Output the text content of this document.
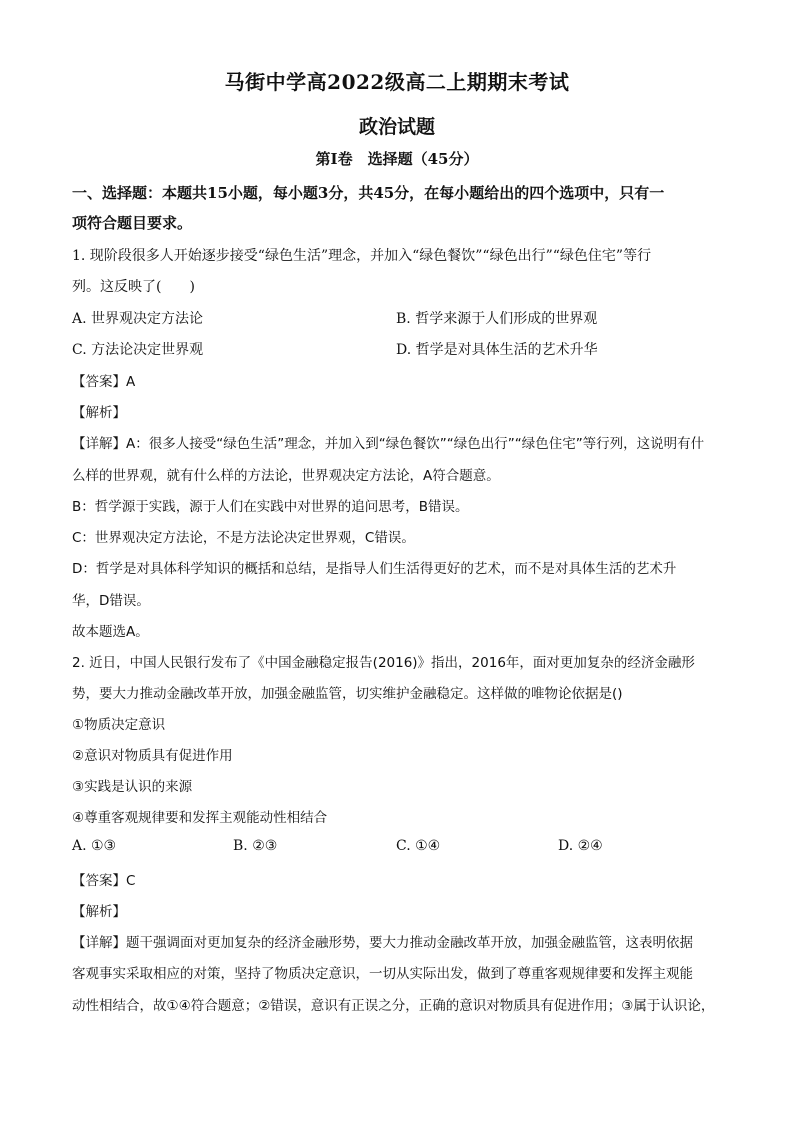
马街中学高2022级高二上期期末考试
政治试题
第Ⅰ卷　选择题（45分）
一、选择题：本题共15小题，每小题3分，共45分，在每小题给出的四个选项中，只有一
项符合题目要求。
1. 现阶段很多人开始逐步接受“绿色生活”理念，并加入“绿色餐饮”“绿色出行”“绿色住宅”等行
列。这反映了(　　)
A. 世界观决定方法论	B. 哲学来源于人们形成的世界观
C. 方法论决定世界观	D. 哲学是对具体生活的艺术升华
【答案】A
【解析】
【详解】A：很多人接受“绿色生活”理念，并加入到“绿色餐饮”“绿色出行”“绿色住宅”等行列，这说明有什
么样的世界观，就有什么样的方法论，世界观决定方法论，A符合题意。
B：哲学源于实践，源于人们在实践中对世界的追问思考，B错误。
C：世界观决定方法论，不是方法论决定世界观，C错误。
D：哲学是对具体科学知识的概括和总结，是指导人们生活得更好的艺术，而不是对具体生活的艺术升
华，D错误。
故本题选A。
2. 近日，中国人民银行发布了《中国金融稳定报告(2016)》指出，2016年，面对更加复杂的经济金融形
势，要大力推动金融改革开放，加强金融监管，切实维护金融稳定。这样做的唯物论依据是()
①物质决定意识
②意识对物质具有促进作用
③实践是认识的来源
④尊重客观规律要和发挥主观能动性相结合
A. ①③	B. ②③	C. ①④	D. ②④
【答案】C
【解析】
【详解】题干强调面对更加复杂的经济金融形势，要大力推动金融改革开放，加强金融监管，这表明依据
客观事实采取相应的对策，坚持了物质决定意识，一切从实际出发，做到了尊重客观规律要和发挥主观能
动性相结合，故①④符合题意；②错误，意识有正误之分，正确的意识对物质具有促进作用；③属于认识论，
